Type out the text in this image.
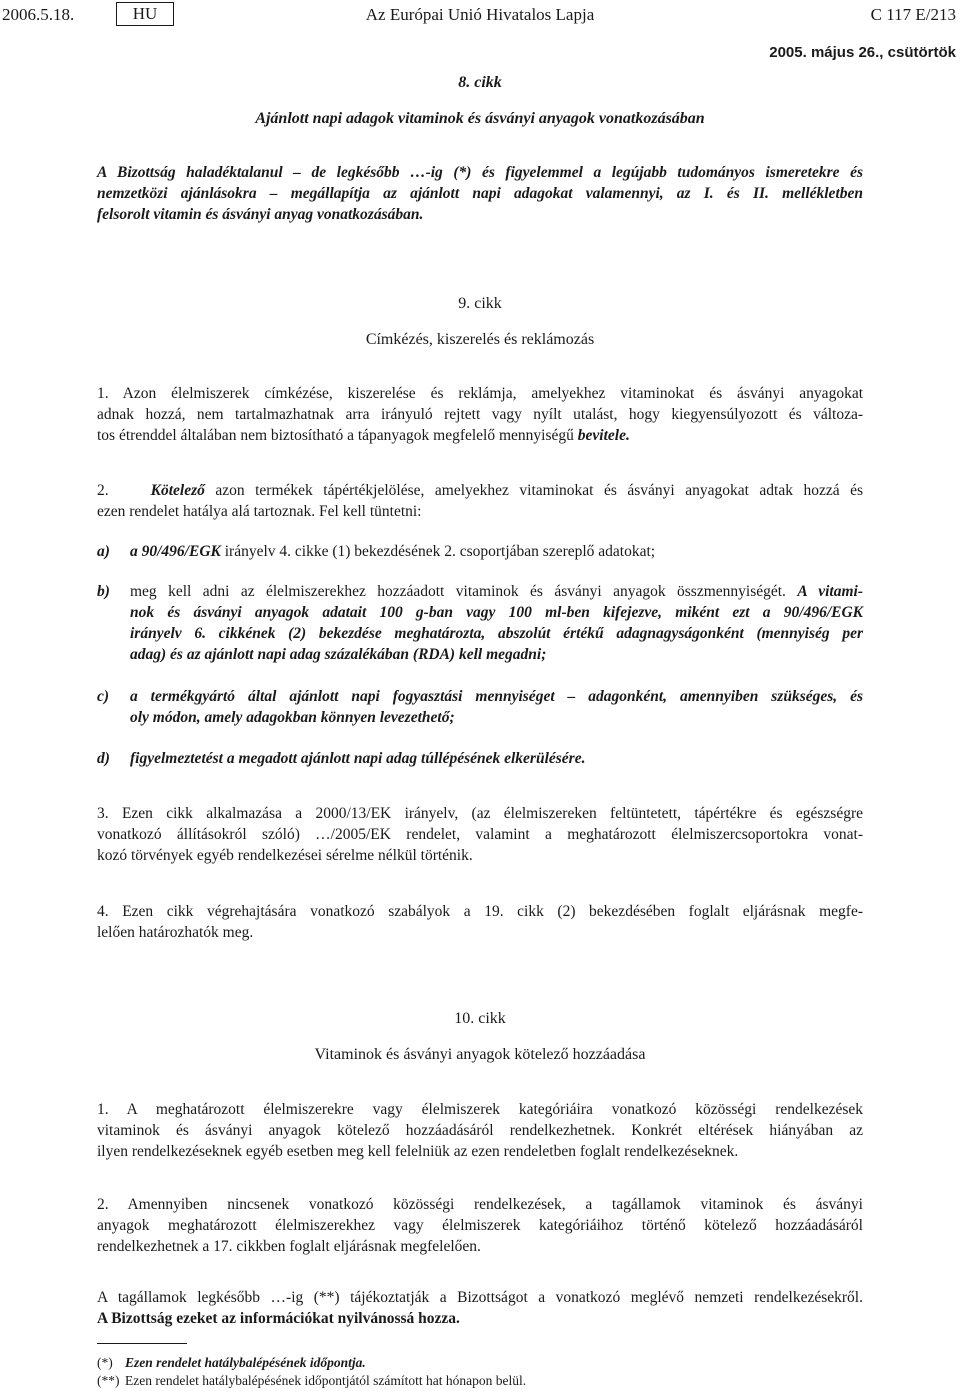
2006.5.18.	HU	Az Európai Unió Hivatalos Lapja	C 117 E/213
2005. május 26., csütörtök
8. cikk
Ajánlott napi adagok vitaminok és ásványi anyagok vonatkozásában
A Bizottság haladéktalanul – de legkésőbb …-ig (*) és figyelemmel a legújabb tudományos ismeretekre és
nemzetközi ajánlásokra – megállapítja az ajánlott napi adagokat valamennyi, az I. és II. mellékletben
felsorolt vitamin és ásványi anyag vonatkozásában.
9. cikk
Címkézés, kiszerelés és reklámozás
1. Azon élelmiszerek címkézése, kiszerelése és reklámja, amelyekhez vitaminokat és ásványi anyagokat
adnak hozzá, nem tartalmazhatnak arra irányuló rejtett vagy nyílt utalást, hogy kiegyensúlyozott és változa-
tos étrenddel általában nem biztosítható a tápanyagok megfelelő mennyiségű bevitele.
2.	Kötelező azon termékek tápértékjelölése, amelyekhez vitaminokat és ásványi anyagokat adtak hozzá és
ezen rendelet hatálya alá tartoznak. Fel kell tüntetni:
a) a 90/496/EGK irányelv 4. cikke (1) bekezdésének 2. csoportjában szereplő adatokat;
b) meg kell adni az élelmiszerekhez hozzáadott vitaminok és ásványi anyagok összmennyiségét. A vitami-
nok és ásványi anyagok adatait 100 g-ban vagy 100 ml-ben kifejezve, miként ezt a 90/496/EGK
irányelv 6. cikkének (2) bekezdése meghatározta, abszolút értékű adagnagyságonként (mennyiség per
adag) és az ajánlott napi adag százalékában (RDA) kell megadni;
c) a termékgyártó által ajánlott napi fogyasztási mennyiséget – adagonként, amennyiben szükséges, és
oly módon, amely adagokban könnyen levezethető;
d) figyelmeztetést a megadott ajánlott napi adag túllépésének elkerülésére.
3. Ezen cikk alkalmazása a 2000/13/EK irányelv, (az élelmiszereken feltüntetett, tápértékre és egészségre
vonatkozó állításokról szóló) …/2005/EK rendelet, valamint a meghatározott élelmiszercsoportokra vonat-
kozó törvények egyéb rendelkezései sérelme nélkül történik.
4. Ezen cikk végrehajtására vonatkozó szabályok a 19. cikk (2) bekezdésében foglalt eljárásnak megfe-
lelően határozhatók meg.
10. cikk
Vitaminok és ásványi anyagok kötelező hozzáadása
1. A meghatározott élelmiszerekre vagy élelmiszerek kategóriáira vonatkozó közösségi rendelkezések
vitaminok és ásványi anyagok kötelező hozzáadásáról rendelkezhetnek. Konkrét eltérések hiányában az
ilyen rendelkezéseknek egyéb esetben meg kell felelniük az ezen rendeletben foglalt rendelkezéseknek.
2. Amennyiben nincsenek vonatkozó közösségi rendelkezések, a tagállamok vitaminok és ásványi
anyagok meghatározott élelmiszerekhez vagy élelmiszerek kategóriáihoz történő kötelező hozzáadásáról
rendelkezhetnek a 17. cikkben foglalt eljárásnak megfelelően.
A tagállamok legkésőbb …-ig (**) tájékoztatják a Bizottságot a vonatkozó meglévő nemzeti rendelkezésekről.
A Bizottság ezeket az információkat nyilvánossá hozza.
(*) Ezen rendelet hatálybalépésének időpontja.
(**) Ezen rendelet hatálybalépésének időpontjától számított hat hónapon belül.
